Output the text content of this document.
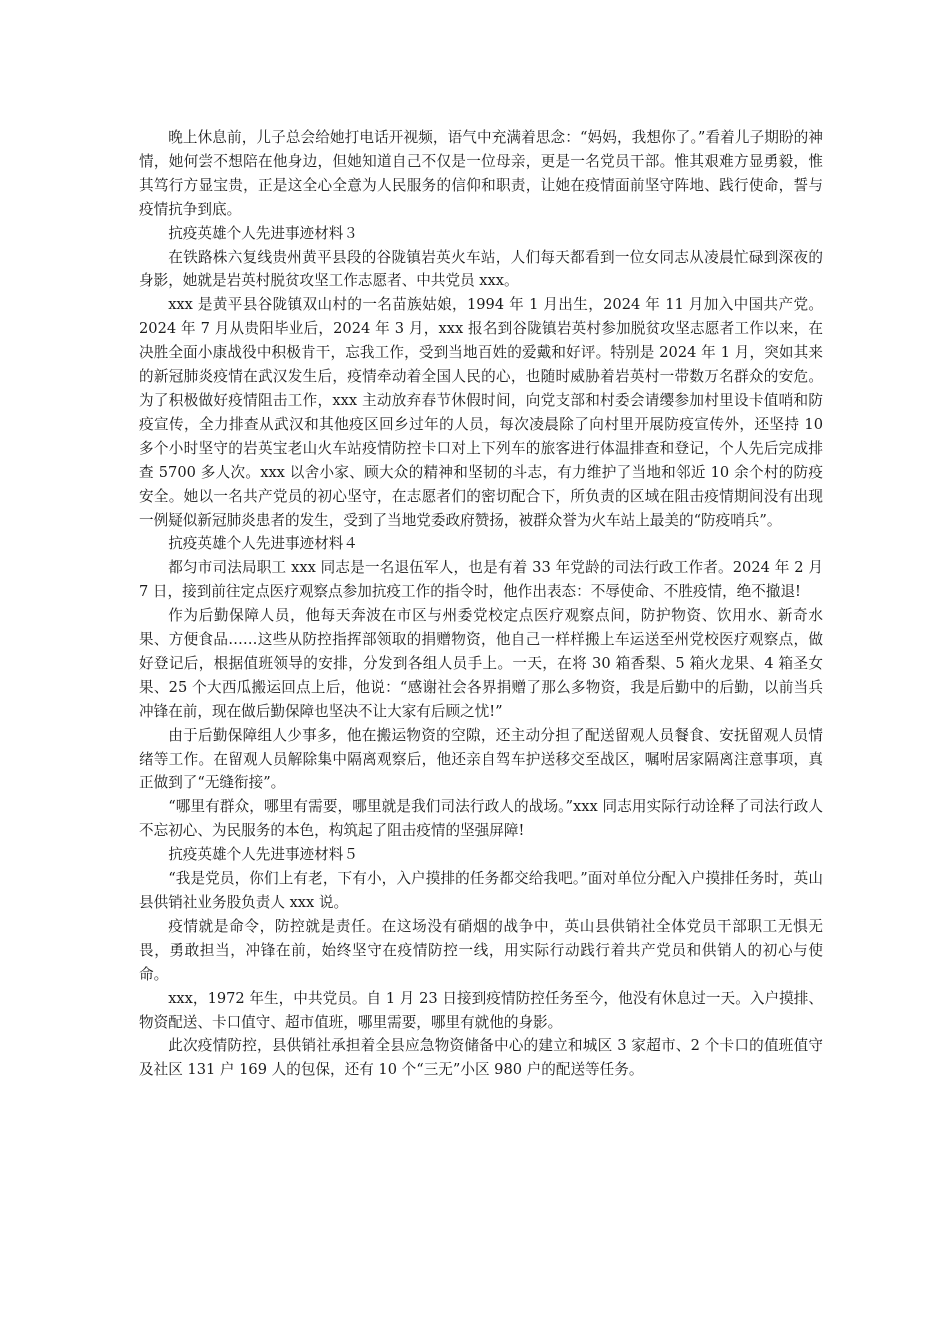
晚上休息前，儿子总会给她打电话开视频，语气中充满着思念：“妈妈，我想你了。”看着儿子期盼的神情，她何尝不想陪在他身边，但她知道自己不仅是一位母亲，更是一名党员干部。惟其艰难方显勇毅，惟其笃行方显宝贵，正是这全心全意为人民服务的信仰和职责，让她在疫情面前坚守阵地、践行使命，誓与疫情抗争到底。

抗疫英雄个人先进事迹材料３

在铁路株六复线贵州黄平县段的谷陇镇岩英火车站，人们每天都看到一位女同志从凌晨忙碌到深夜的身影，她就是岩英村脱贫攻坚工作志愿者、中共党员 xxx。

xxx 是黄平县谷陇镇双山村的一名苗族姑娘，1994 年 1 月出生，2024 年 11 月加入中国共产党。2024 年 7 月从贵阳毕业后，2024 年 3 月，xxx 报名到谷陇镇岩英村参加脱贫攻坚志愿者工作以来，在决胜全面小康战役中积极肯干，忘我工作，受到当地百姓的爱戴和好评。特别是 2024 年 1 月，突如其来的新冠肺炎疫情在武汉发生后，疫情牵动着全国人民的心，也随时威胁着岩英村一带数万名群众的安危。为了积极做好疫情阻击工作，xxx 主动放弃春节休假时间，向党支部和村委会请缨参加村里设卡值哨和防疫宣传，全力排查从武汉和其他疫区回乡过年的人员，每次凌晨除了向村里开展防疫宣传外，还坚持 10 多个小时坚守的岩英宝老山火车站疫情防控卡口对上下列车的旅客进行体温排查和登记，个人先后完成排查 5700 多人次。xxx 以舍小家、顾大众的精神和坚韧的斗志，有力维护了当地和邻近 10 余个村的防疫安全。她以一名共产党员的初心坚守，在志愿者们的密切配合下，所负责的区域在阻击疫情期间没有出现一例疑似新冠肺炎患者的发生，受到了当地党委政府赞扬，被群众誉为火车站上最美的“防疫哨兵”。

抗疫英雄个人先进事迹材料４

都匀市司法局职工 xxx 同志是一名退伍军人，也是有着 33 年党龄的司法行政工作者。2024 年 2 月 7 日，接到前往定点医疗观察点参加抗疫工作的指令时，他作出表态：不辱使命、不胜疫情，绝不撤退!

作为后勤保障人员，他每天奔波在市区与州委党校定点医疗观察点间，防护物资、饮用水、新奇水果、方便食品……这些从防控指挥部领取的捐赠物资，他自己一样样搬上车运送至州党校医疗观察点，做好登记后，根据值班领导的安排，分发到各组人员手上。一天，在将 30 箱香梨、5 箱火龙果、4 箱圣女果、25 个大西瓜搬运回点上后，他说：“感谢社会各界捐赠了那么多物资，我是后勤中的后勤，以前当兵冲锋在前，现在做后勤保障也坚决不让大家有后顾之忧!”

由于后勤保障组人少事多，他在搬运物资的空隙，还主动分担了配送留观人员餐食、安抚留观人员情绪等工作。在留观人员解除集中隔离观察后，他还亲自驾车护送移交至战区，嘱咐居家隔离注意事项，真正做到了“无缝衔接”。

“哪里有群众，哪里有需要，哪里就是我们司法行政人的战场。”xxx 同志用实际行动诠释了司法行政人不忘初心、为民服务的本色，构筑起了阻击疫情的坚强屏障!

抗疫英雄个人先进事迹材料５

“我是党员，你们上有老，下有小，入户摸排的任务都交给我吧。”面对单位分配入户摸排任务时，英山县供销社业务股负责人 xxx 说。

疫情就是命令，防控就是责任。在这场没有硝烟的战争中，英山县供销社全体党员干部职工无惧无畏，勇敢担当，冲锋在前，始终坚守在疫情防控一线，用实际行动践行着共产党员和供销人的初心与使命。

xxx，1972 年生，中共党员。自 1 月 23 日接到疫情防控任务至今，他没有休息过一天。入户摸排、物资配送、卡口值守、超市值班，哪里需要，哪里有就他的身影。

此次疫情防控，县供销社承担着全县应急物资储备中心的建立和城区 3 家超市、2 个卡口的值班值守及社区 131 户 169 人的包保，还有 10 个“三无”小区 980 户的配送等任务。
